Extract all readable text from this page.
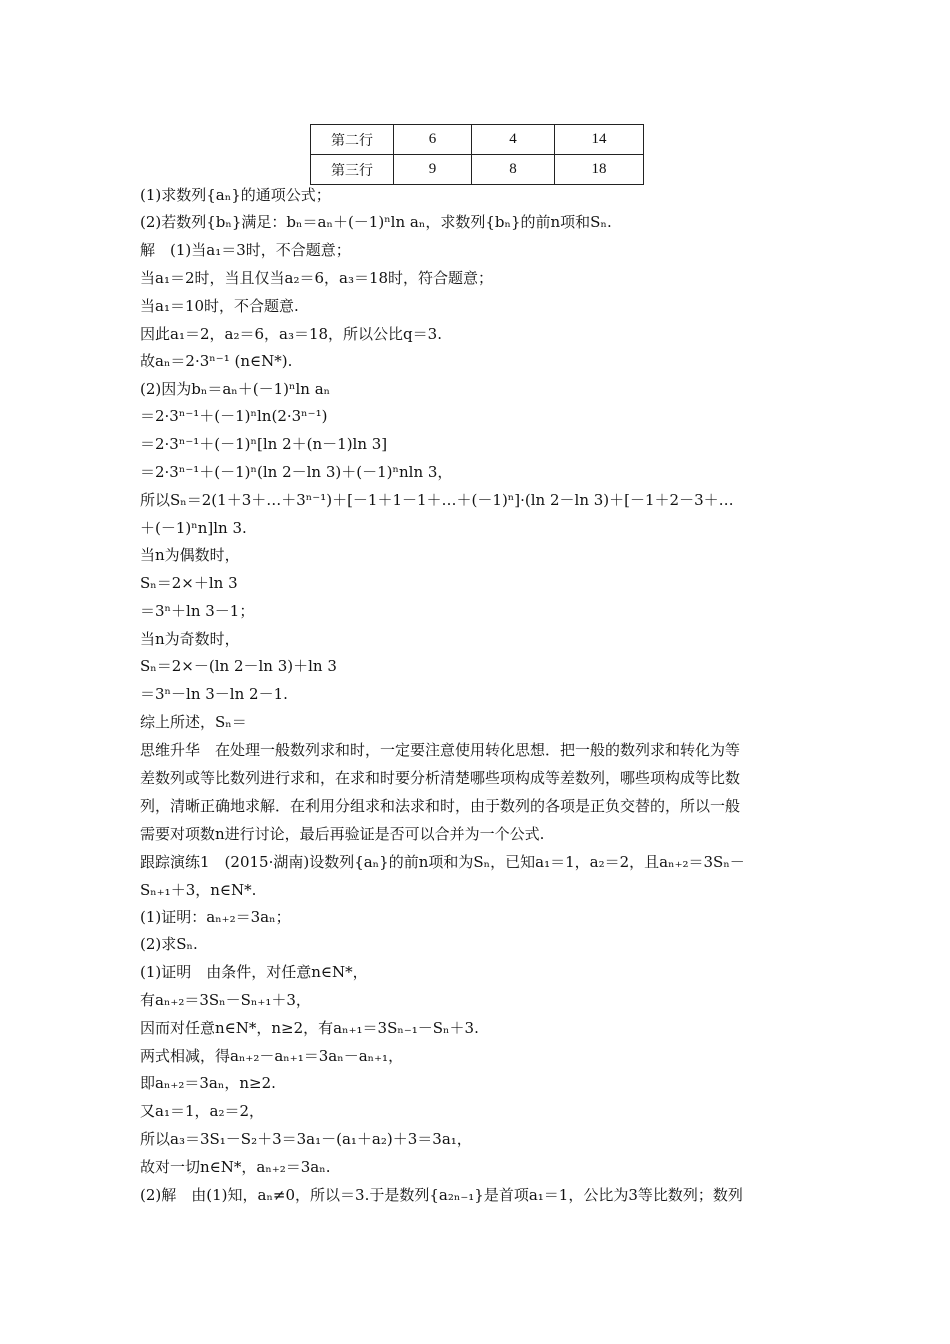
第二行	6	4	14
第三行	9	8	18
(1)求数列{aₙ}的通项公式；
(2)若数列{bₙ}满足：bₙ＝aₙ＋(－1)ⁿln aₙ，求数列{bₙ}的前n项和Sₙ.
解　(1)当a₁＝3时，不合题意；
当a₁＝2时，当且仅当a₂＝6，a₃＝18时，符合题意；
当a₁＝10时，不合题意.
因此a₁＝2，a₂＝6，a₃＝18，所以公比q＝3.
故aₙ＝2·3ⁿ⁻¹ (n∈N*).
(2)因为bₙ＝aₙ＋(－1)ⁿln aₙ
＝2·3ⁿ⁻¹＋(－1)ⁿln(2·3ⁿ⁻¹)
＝2·3ⁿ⁻¹＋(－1)ⁿ[ln 2＋(n－1)ln 3]
＝2·3ⁿ⁻¹＋(－1)ⁿ(ln 2－ln 3)＋(－1)ⁿnln 3，
所以Sₙ＝2(1＋3＋…＋3ⁿ⁻¹)＋[－1＋1－1＋…＋(－1)ⁿ]·(ln 2－ln 3)＋[－1＋2－3＋…
＋(－1)ⁿn]ln 3.
当n为偶数时，
Sₙ＝2×＋ln 3
＝3ⁿ＋ln 3－1；
当n为奇数时，
Sₙ＝2×－(ln 2－ln 3)＋ln 3
＝3ⁿ－ln 3－ln 2－1.
综上所述，Sₙ＝
思维升华　在处理一般数列求和时，一定要注意使用转化思想．把一般的数列求和转化为等
差数列或等比数列进行求和，在求和时要分析清楚哪些项构成等差数列，哪些项构成等比数
列，清晰正确地求解．在利用分组求和法求和时，由于数列的各项是正负交替的，所以一般
需要对项数n进行讨论，最后再验证是否可以合并为一个公式.
跟踪演练1　(2015·湖南)设数列{aₙ}的前n项和为Sₙ，已知a₁＝1，a₂＝2，且aₙ₊₂＝3Sₙ－
Sₙ₊₁＋3，n∈N*.
(1)证明：aₙ₊₂＝3aₙ；
(2)求Sₙ.
(1)证明　由条件，对任意n∈N*，
有aₙ₊₂＝3Sₙ－Sₙ₊₁＋3，
因而对任意n∈N*，n≥2，有aₙ₊₁＝3Sₙ₋₁－Sₙ＋3.
两式相减，得aₙ₊₂－aₙ₊₁＝3aₙ－aₙ₊₁，
即aₙ₊₂＝3aₙ，n≥2.
又a₁＝1，a₂＝2，
所以a₃＝3S₁－S₂＋3＝3a₁－(a₁＋a₂)＋3＝3a₁，
故对一切n∈N*，aₙ₊₂＝3aₙ.
(2)解　由(1)知，aₙ≠0，所以＝3.于是数列{a₂ₙ₋₁}是首项a₁＝1，公比为3等比数列；数列
